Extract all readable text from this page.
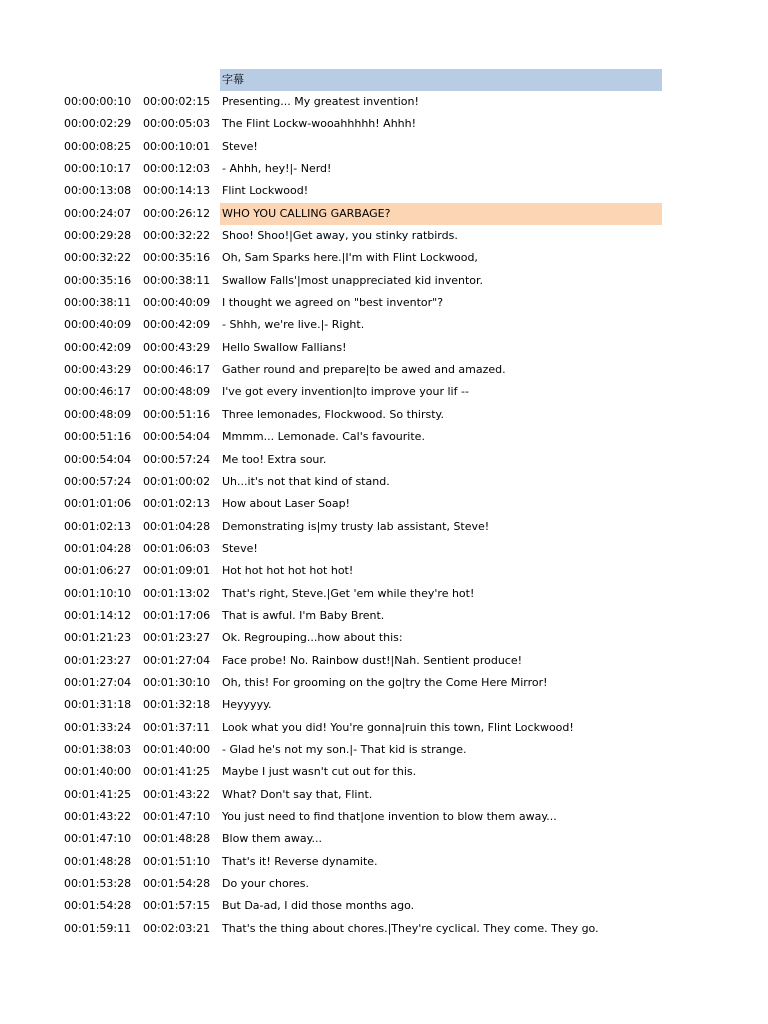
字幕
00:00:00:10	00:00:02:15	Presenting... My greatest invention!
00:00:02:29	00:00:05:03	The Flint Lockw-wooahhhhh! Ahhh!
00:00:08:25	00:00:10:01	Steve!
00:00:10:17	00:00:12:03	- Ahhh, hey!|- Nerd!
00:00:13:08	00:00:14:13	Flint Lockwood!
00:00:24:07	00:00:26:12	WHO YOU CALLING GARBAGE?
00:00:29:28	00:00:32:22	Shoo! Shoo!|Get away, you stinky ratbirds.
00:00:32:22	00:00:35:16	Oh, Sam Sparks here.|I'm with Flint Lockwood,
00:00:35:16	00:00:38:11	Swallow Falls'|most unappreciated kid inventor.
00:00:38:11	00:00:40:09	I thought we agreed on "best inventor"?
00:00:40:09	00:00:42:09	- Shhh, we're live.|- Right.
00:00:42:09	00:00:43:29	Hello Swallow Fallians!
00:00:43:29	00:00:46:17	Gather round and prepare|to be awed and amazed.
00:00:46:17	00:00:48:09	I've got every invention|to improve your lif --
00:00:48:09	00:00:51:16	Three lemonades, Flockwood. So thirsty.
00:00:51:16	00:00:54:04	Mmmm... Lemonade. Cal's favourite.
00:00:54:04	00:00:57:24	Me too! Extra sour.
00:00:57:24	00:01:00:02	Uh...it's not that kind of stand.
00:01:01:06	00:01:02:13	How about Laser Soap!
00:01:02:13	00:01:04:28	Demonstrating is|my trusty lab assistant, Steve!
00:01:04:28	00:01:06:03	Steve!
00:01:06:27	00:01:09:01	Hot hot hot hot hot hot!
00:01:10:10	00:01:13:02	That's right, Steve.|Get 'em while they're hot!
00:01:14:12	00:01:17:06	That is awful. I'm Baby Brent.
00:01:21:23	00:01:23:27	Ok. Regrouping...how about this:
00:01:23:27	00:01:27:04	Face probe! No. Rainbow dust!|Nah. Sentient produce!
00:01:27:04	00:01:30:10	Oh, this! For grooming on the go|try the Come Here Mirror!
00:01:31:18	00:01:32:18	Heyyyyy.
00:01:33:24	00:01:37:11	Look what you did! You're gonna|ruin this town, Flint Lockwood!
00:01:38:03	00:01:40:00	- Glad he's not my son.|- That kid is strange.
00:01:40:00	00:01:41:25	Maybe I just wasn't cut out for this.
00:01:41:25	00:01:43:22	What? Don't say that, Flint.
00:01:43:22	00:01:47:10	You just need to find that|one invention to blow them away...
00:01:47:10	00:01:48:28	Blow them away...
00:01:48:28	00:01:51:10	That's it! Reverse dynamite.
00:01:53:28	00:01:54:28	Do your chores.
00:01:54:28	00:01:57:15	But Da-ad, I did those months ago.
00:01:59:11	00:02:03:21	That's the thing about chores.|They're cyclical. They come. They go.
